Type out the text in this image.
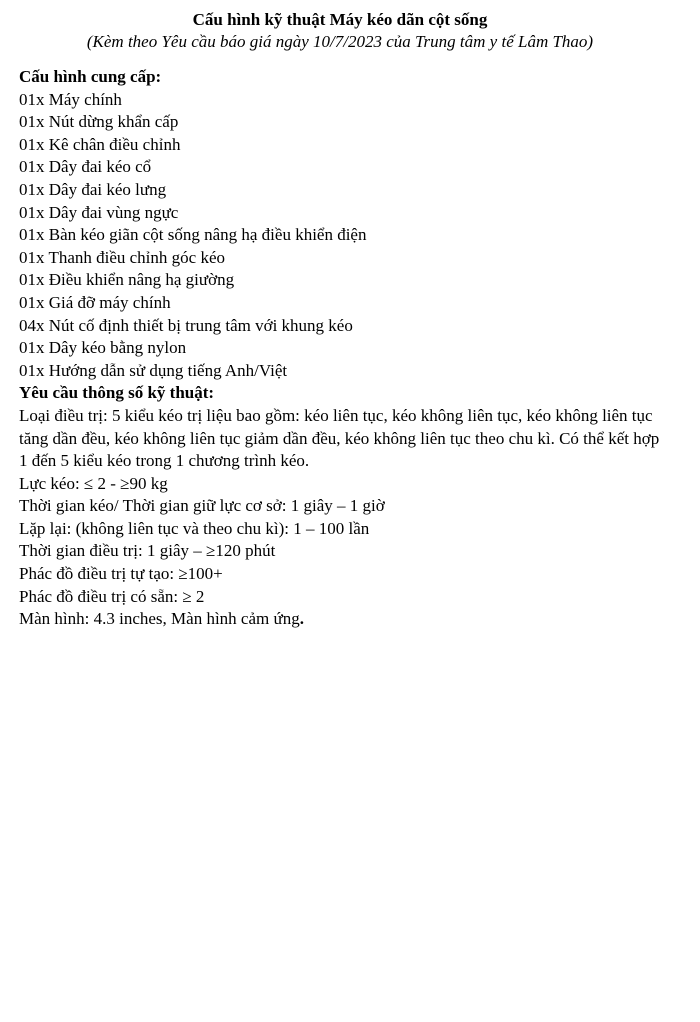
Cấu hình kỹ thuật Máy kéo dãn cột sống

(Kèm theo Yêu cầu báo giá ngày 10/7/2023 của Trung tâm y tế Lâm Thao)

Cấu hình cung cấp:

01x Máy chính

01x Nút dừng khẩn cấp

01x Kê chân điều chỉnh

01x Dây đai kéo cổ

01x Dây đai kéo lưng

01x Dây đai vùng ngực

01x Bàn kéo giãn cột sống nâng hạ điều khiển điện

01x Thanh điều chỉnh góc kéo

01x Điều khiển nâng hạ giường

01x Giá đỡ máy chính

04x Nút cố định thiết bị trung tâm với khung kéo

01x Dây kéo bằng nylon

01x Hướng dẫn sử dụng tiếng Anh/Việt

Yêu cầu thông số kỹ thuật:

Loại điều trị: 5 kiểu kéo trị liệu bao gồm: kéo liên tục, kéo không liên tục, kéo không liên tục tăng dần đều, kéo không liên tục giảm dần đều, kéo không liên tục theo chu kì. Có thể kết hợp 1 đến 5 kiểu kéo trong 1 chương trình kéo.

Lực kéo: ≤ 2 - ≥90 kg

Thời gian kéo/ Thời gian giữ lực cơ sở: 1 giây – 1 giờ

Lặp lại: (không liên tục và theo chu kì): 1 – 100 lần

Thời gian điều trị: 1 giây – ≥120 phút

Phác đồ điều trị tự tạo: ≥100+

Phác đồ điều trị có sẵn: ≥ 2

Màn hình: 4.3 inches, Màn hình cảm ứng.
